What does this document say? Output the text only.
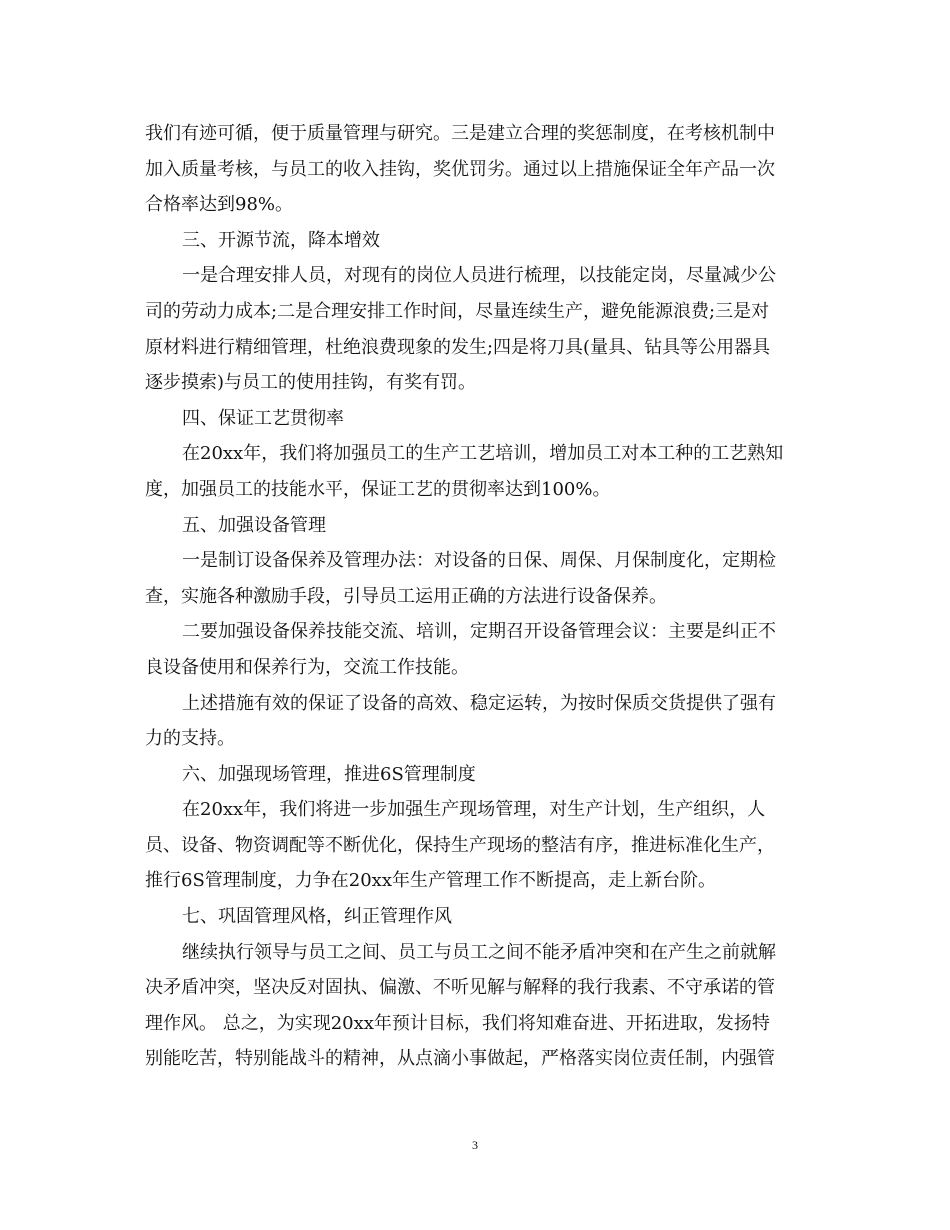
我们有迹可循，便于质量管理与研究。三是建立合理的奖惩制度，在考核机制中
加入质量考核，与员工的收入挂钩，奖优罚劣。通过以上措施保证全年产品一次
合格率达到98%。
三、开源节流，降本增效
一是合理安排人员，对现有的岗位人员进行梳理，以技能定岗，尽量减少公
司的劳动力成本;二是合理安排工作时间，尽量连续生产，避免能源浪费;三是对
原材料进行精细管理，杜绝浪费现象的发生;四是将刀具(量具、钻具等公用器具
逐步摸索)与员工的使用挂钩，有奖有罚。
四、保证工艺贯彻率
在20xx年，我们将加强员工的生产工艺培训，增加员工对本工种的工艺熟知
度，加强员工的技能水平，保证工艺的贯彻率达到100%。
五、加强设备管理
一是制订设备保养及管理办法：对设备的日保、周保、月保制度化，定期检
查，实施各种激励手段，引导员工运用正确的方法进行设备保养。
二要加强设备保养技能交流、培训，定期召开设备管理会议：主要是纠正不
良设备使用和保养行为，交流工作技能。
上述措施有效的保证了设备的高效、稳定运转，为按时保质交货提供了强有
力的支持。
六、加强现场管理，推进6S管理制度
在20xx年，我们将进一步加强生产现场管理，对生产计划，生产组织，人
员、设备、物资调配等不断优化，保持生产现场的整洁有序，推进标准化生产，
推行6S管理制度，力争在20xx年生产管理工作不断提高，走上新台阶。
七、巩固管理风格，纠正管理作风
继续执行领导与员工之间、员工与员工之间不能矛盾冲突和在产生之前就解
决矛盾冲突，坚决反对固执、偏激、不听见解与解释的我行我素、不守承诺的管
理作风。 总之，为实现20xx年预计目标，我们将知难奋进、开拓进取，发扬特
别能吃苦，特别能战斗的精神，从点滴小事做起，严格落实岗位责任制，内强管
3
